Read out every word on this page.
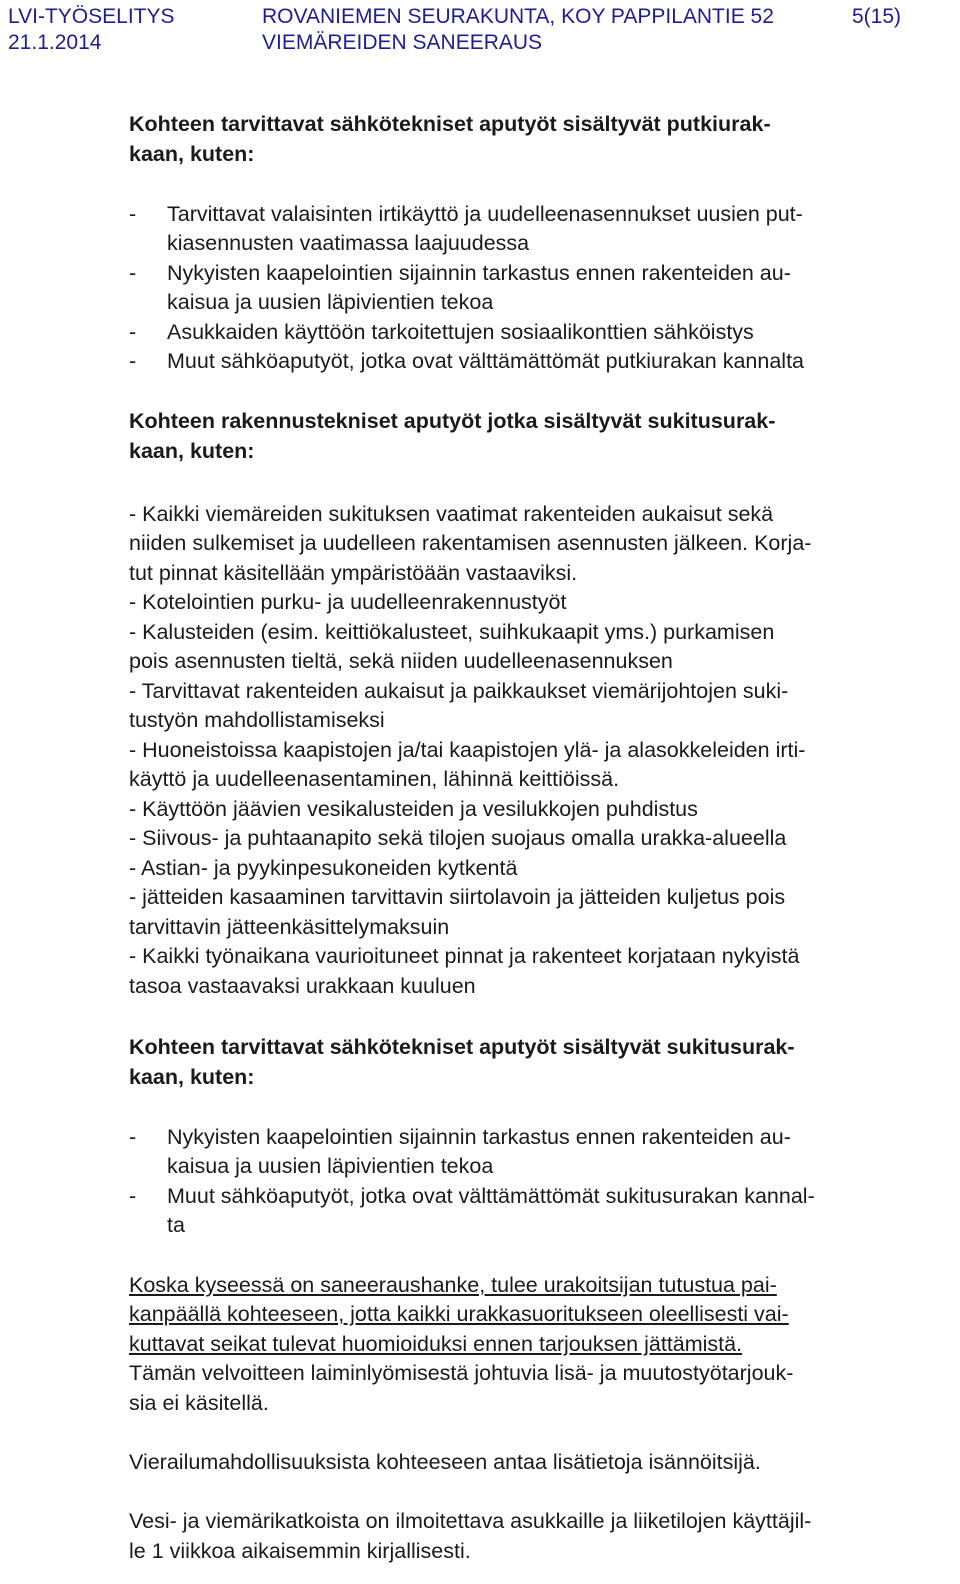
LVI-TYÖSELITYS
21.1.2014
ROVANIEMEN SEURAKUNTA, KOY PAPPILANTIE 52
VIEMÄREIDEN SANEERAUS
5(15)
Kohteen tarvittavat sähkötekniset aputyöt sisältyvät putkiurak-
kaan, kuten:
- Tarvittavat valaisinten irtikäyttö ja uudelleenasennukset uusien put-
kiasennusten vaatimassa laajuudessa
- Nykyisten kaapelointien sijainnin tarkastus ennen rakenteiden au-
kaisua ja uusien läpivientien tekoa
- Asukkaiden käyttöön tarkoitettujen sosiaalikonttien sähköistys
- Muut sähköaputyöt, jotka ovat välttämättömät putkiurakan kannalta
Kohteen rakennustekniset aputyöt jotka sisältyvät sukitusurak-
kaan, kuten:
- Kaikki viemäreiden sukituksen vaatimat rakenteiden aukaisut sekä
niiden sulkemiset ja uudelleen rakentamisen asennusten jälkeen. Korja-
tut pinnat käsitellään ympäristöään vastaaviksi.
- Kotelointien purku- ja uudelleenrakennustyöt
- Kalusteiden (esim. keittiökalusteet, suihkukaapit yms.) purkamisen
pois asennusten tieltä, sekä niiden uudelleenasennuksen
- Tarvittavat rakenteiden aukaisut ja paikkaukset viemärijohtojen suki-
tustyön mahdollistamiseksi
- Huoneistoissa kaapistojen ja/tai kaapistojen ylä- ja alasokkeleiden irti-
käyttö ja uudelleenasentaminen, lähinnä keittiöissä.
- Käyttöön jäävien vesikalusteiden ja vesilukkojen puhdistus
- Siivous- ja puhtaanapito sekä tilojen suojaus omalla urakka-alueella
- Astian- ja pyykinpesukoneiden kytkentä
- jätteiden kasaaminen tarvittavin siirtolavoin ja jätteiden kuljetus pois
tarvittavin jätteenkäsittelymaksuin
- Kaikki työnaikana vaurioituneet pinnat ja rakenteet korjataan nykyistä
tasoa vastaavaksi urakkaan kuuluen
Kohteen tarvittavat sähkötekniset aputyöt sisältyvät sukitusurak-
kaan, kuten:
- Nykyisten kaapelointien sijainnin tarkastus ennen rakenteiden au-
kaisua ja uusien läpivientien tekoa
- Muut sähköaputyöt, jotka ovat välttämättömät sukitusurakan kannal-
ta
Koska kyseessä on saneeraushanke, tulee urakoitsijan tutustua pai-
kanpäällä kohteeseen, jotta kaikki urakkasuoritukseen oleellisesti vai-
kuttavat seikat tulevat huomioiduksi ennen tarjouksen jättämistä.
Tämän velvoitteen laiminlyömisestä johtuvia lisä- ja muutostyötarjouk-
sia ei käsitellä.
Vierailumahdollisuuksista kohteeseen antaa lisätietoja isännöitsijä.
Vesi- ja viemärikatkoista on ilmoitettava asukkaille ja liiketilojen käyttäjil-
le 1 viikkoa aikaisemmin kirjallisesti.
